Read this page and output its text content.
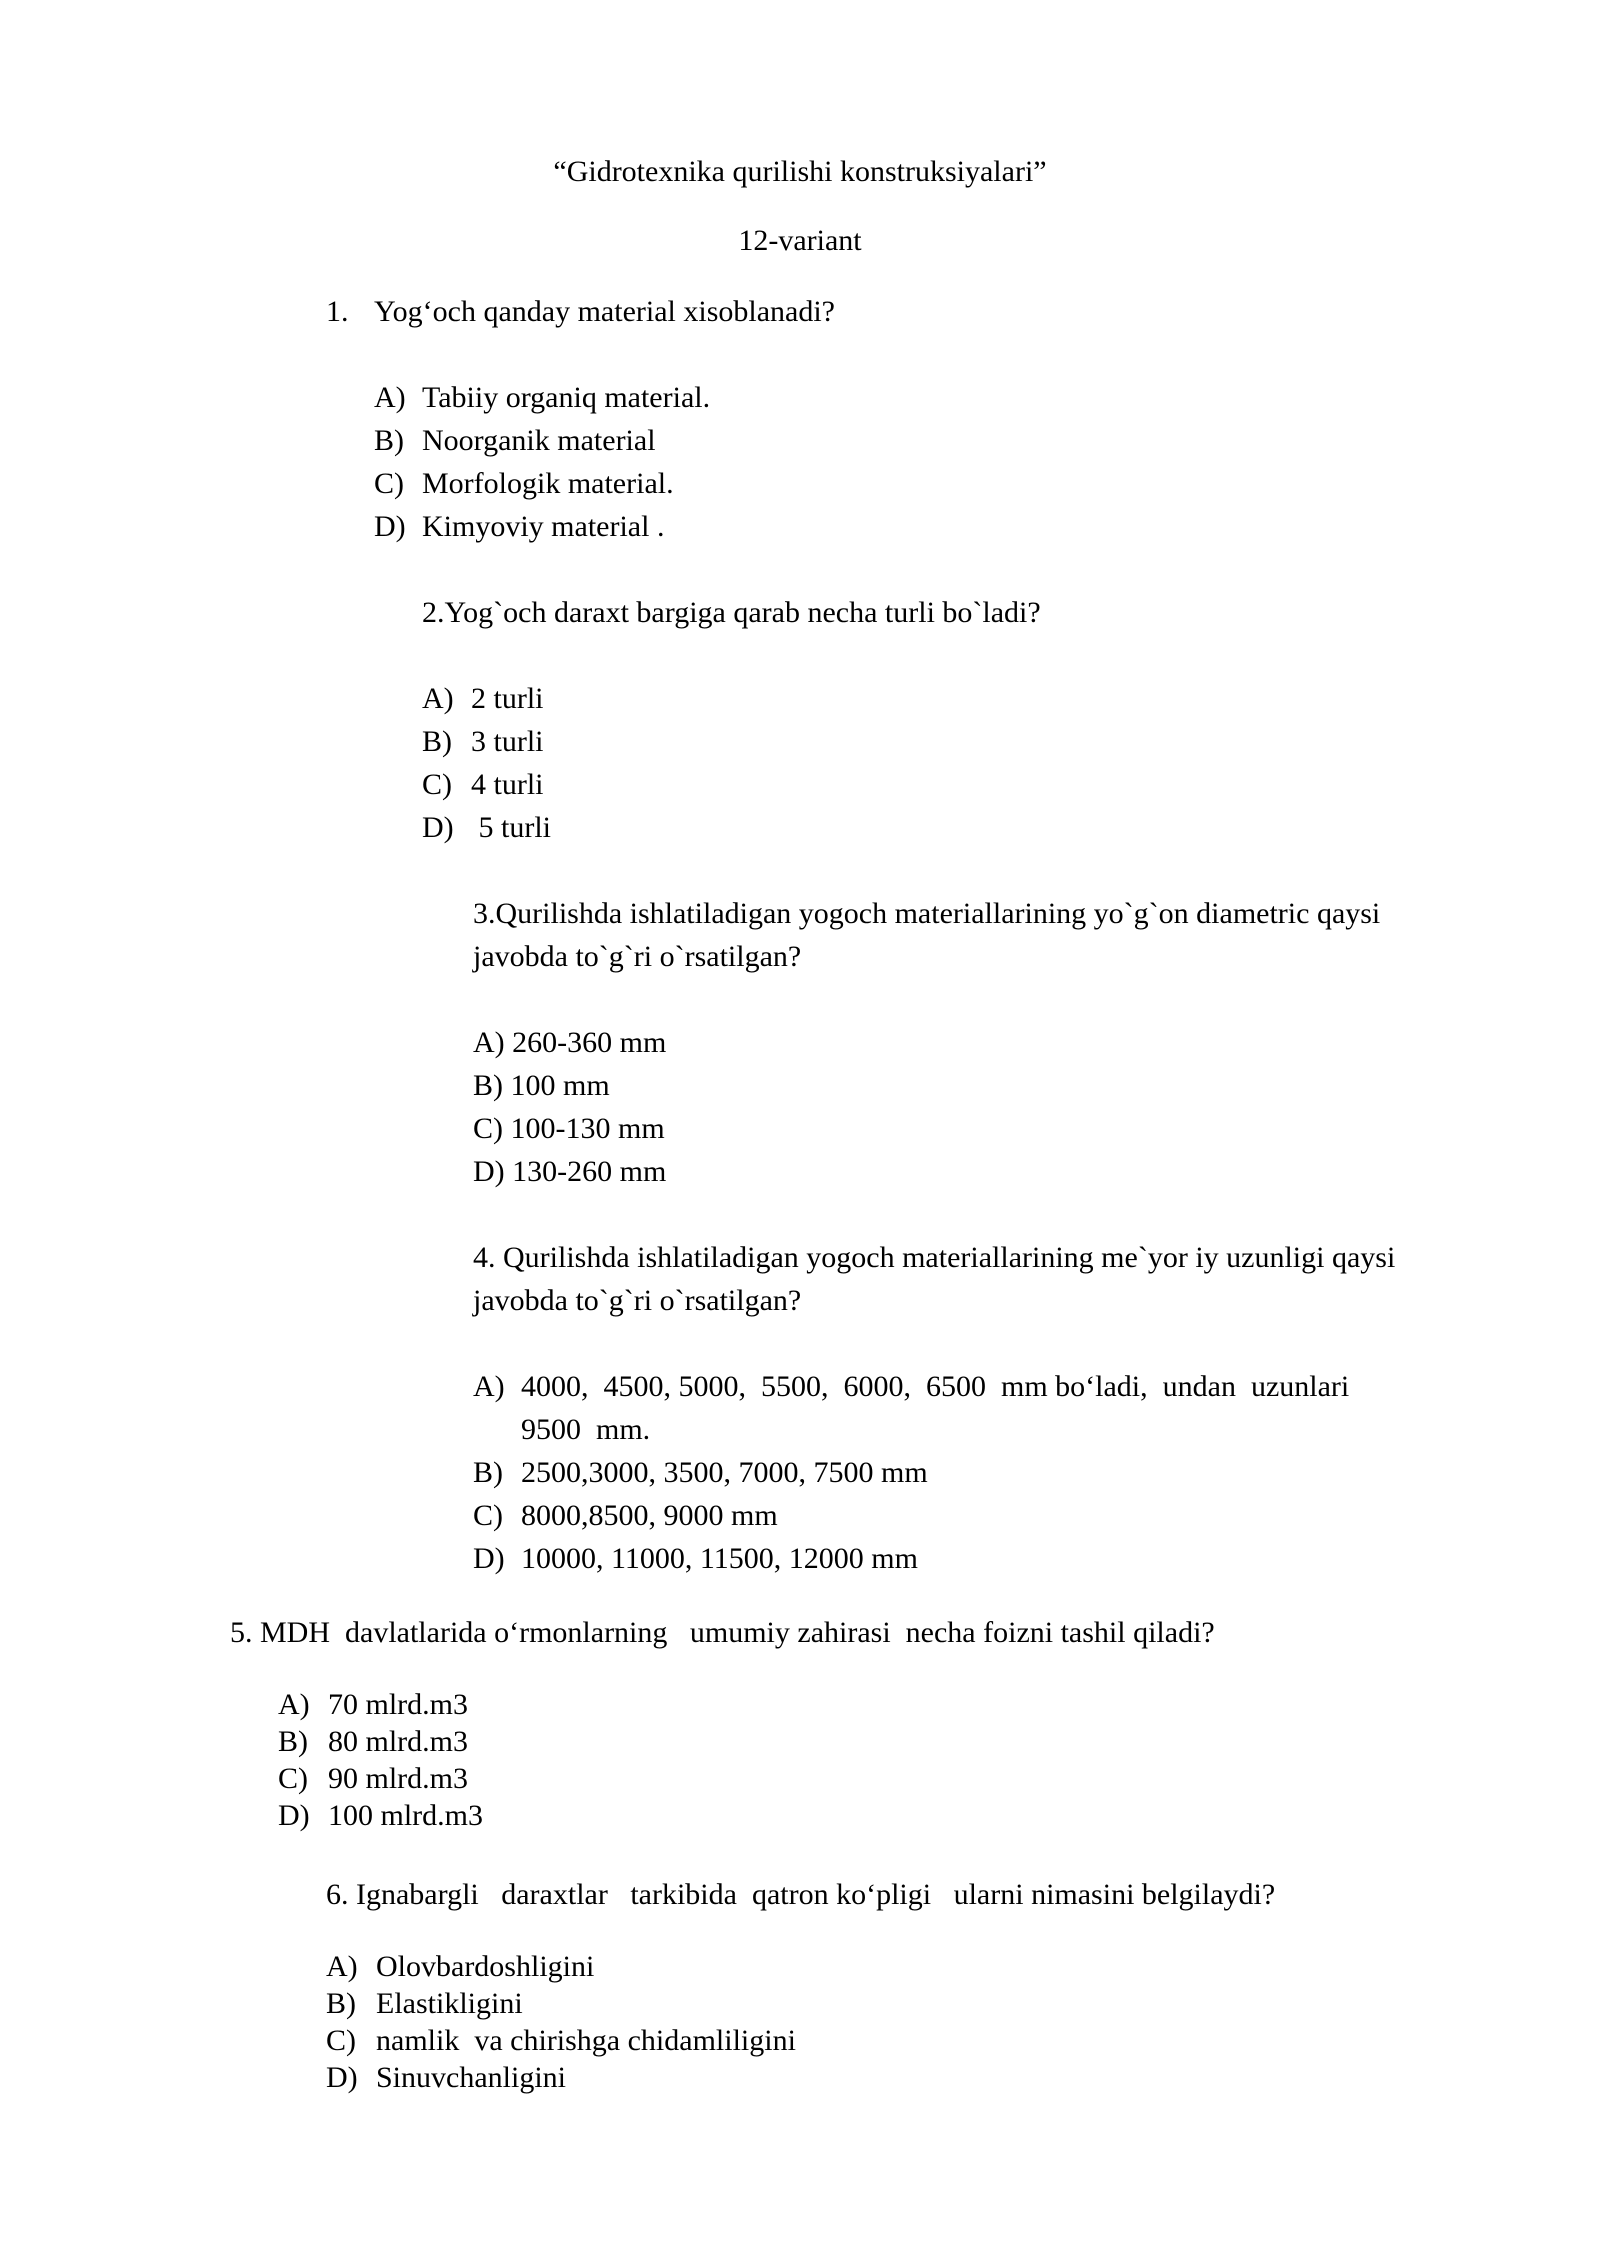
“Gidrotexnika qurilishi konstruksiyalari”
12-variant
1. Yog‘och qanday material xisoblanadi?
A) Tabiiy organiq material.
B) Noorganik material
C) Morfologik material.
D) Kimyoviy material .
2.Yog`och daraxt bargiga qarab necha turli bo`ladi?
A) 2 turli
B) 3 turli
C) 4 turli
D) 5 turli
3.Qurilishda ishlatiladigan yogoch materiallarining yo`g`on diametric qaysi
javobda to`g`ri o`rsatilgan?
A) 260-360 mm
B) 100 mm
C) 100-130 mm
D) 130-260 mm
4. Qurilishda ishlatiladigan yogoch materiallarining me`yor iy uzunligi qaysi
javobda to`g`ri o`rsatilgan?
A) 4000,  4500, 5000,  5500,  6000,  6500  mm bo‘ladi,  undan  uzunlari
9500  mm.
B) 2500,3000, 3500, 7000, 7500 mm
C) 8000,8500, 9000 mm
D) 10000, 11000, 11500, 12000 mm
5. MDH  davlatlarida o‘rmonlarning   umumiy zahirasi  necha foizni tashil qiladi?
A) 70 mlrd.m3
B) 80 mlrd.m3
C) 90 mlrd.m3
D) 100 mlrd.m3
6. Ignabargli   daraxtlar   tarkibida  qatron ko‘pligi   ularni nimasini belgilaydi?
A) Olovbardoshligini
B) Elastikligini
C) namlik  va chirishga chidamliligini
D) Sinuvchanligini
